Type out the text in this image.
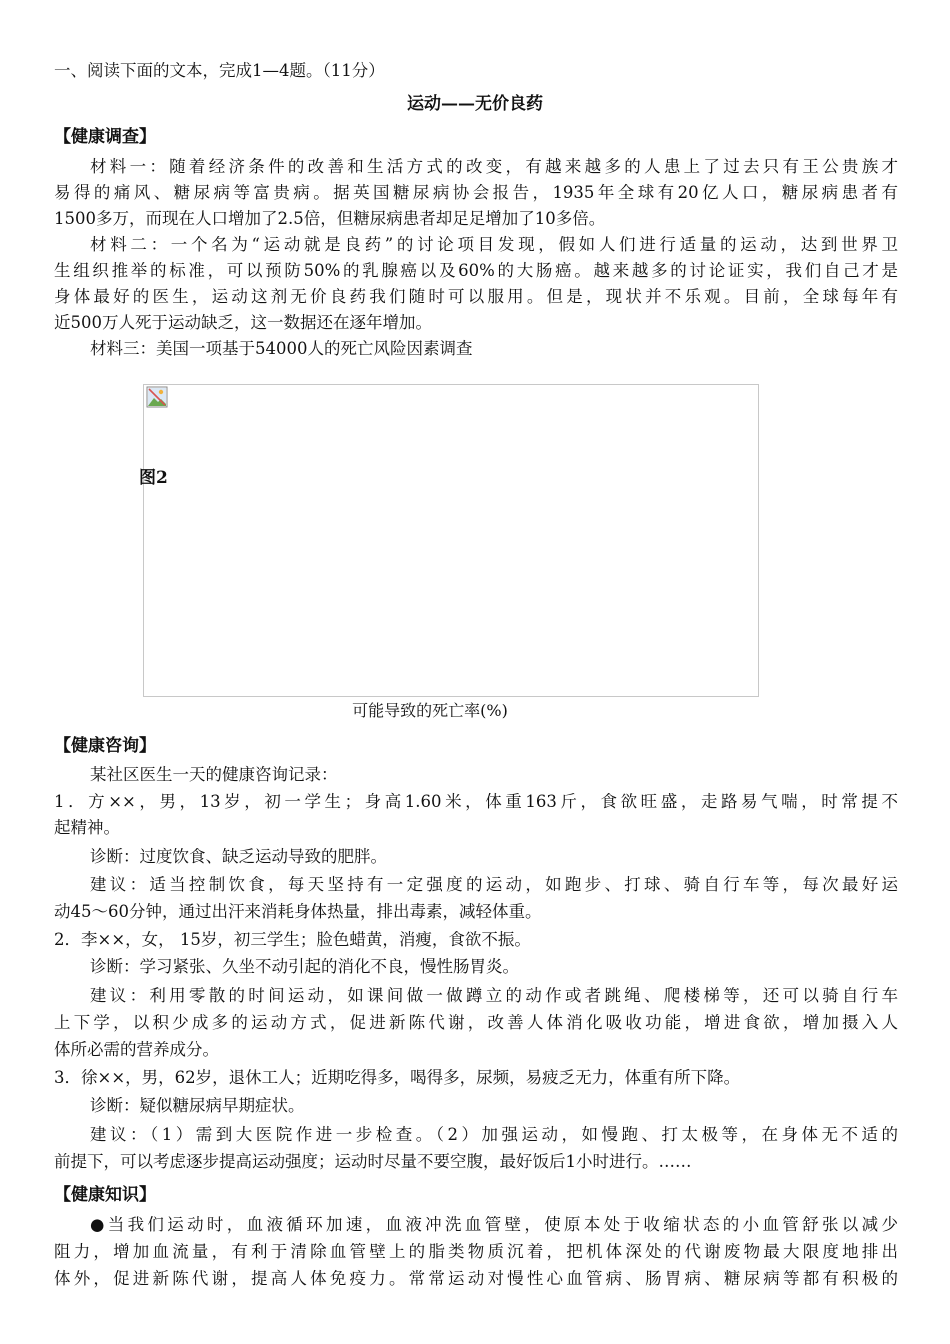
一、阅读下面的文本，完成1—4题。（11分）
运动——无价良药
【健康调查】
材料一：随着经济条件的改善和生活方式的改变，有越来越多的人患上了过去只有王公贵族才
易得的痛风、糖尿病等富贵病。据英国糖尿病协会报告，1935年全球有20亿人口，糖尿病患者有
1500多万，而现在人口增加了2.5倍，但糖尿病患者却足足增加了10多倍。
材料二：一个名为“运动就是良药”的讨论项目发现，假如人们进行适量的运动，达到世界卫
生组织推举的标准，可以预防50%的乳腺癌以及60%的大肠癌。越来越多的讨论证实，我们自己才是
身体最好的医生，运动这剂无价良药我们随时可以服用。但是，现状并不乐观。目前，全球每年有
近500万人死于运动缺乏，这一数据还在逐年增加。
材料三：美国一项基于54000人的死亡风险因素调查
图2
可能导致的死亡率(%)
【健康咨询】
某社区医生一天的健康咨询记录：
1．方××，男，13岁，初一学生；身高1.60米，体重163斤，食欲旺盛，走路易气喘，时常提不
起精神。
诊断：过度饮食、缺乏运动导致的肥胖。
建议：适当控制饮食，每天坚持有一定强度的运动，如跑步、打球、骑自行车等，每次最好运
动45～60分钟，通过出汗来消耗身体热量，排出毒素，减轻体重。
2．李××，女， 15岁，初三学生；脸色蜡黄，消瘦，食欲不振。
诊断：学习紧张、久坐不动引起的消化不良，慢性肠胃炎。
建议：利用零散的时间运动，如课间做一做蹲立的动作或者跳绳、爬楼梯等，还可以骑自行车
上下学，以积少成多的运动方式，促进新陈代谢，改善人体消化吸收功能，增进食欲，增加摄入人
体所必需的营养成分。
3．徐××，男，62岁，退休工人；近期吃得多，喝得多，尿频，易疲乏无力，体重有所下降。
诊断：疑似糖尿病早期症状。
建议：（1）需到大医院作进一步检查。（2）加强运动，如慢跑、打太极等，在身体无不适的
前提下，可以考虑逐步提高运动强度；运动时尽量不要空腹，最好饭后1小时进行。……
【健康知识】
●当我们运动时，血液循环加速，血液冲洗血管壁，使原本处于收缩状态的小血管舒张以减少
阻力，增加血流量，有利于清除血管壁上的脂类物质沉着，把机体深处的代谢废物最大限度地排出
体外，促进新陈代谢，提高人体免疫力。常常运动对慢性心血管病、肠胃病、糖尿病等都有积极的
